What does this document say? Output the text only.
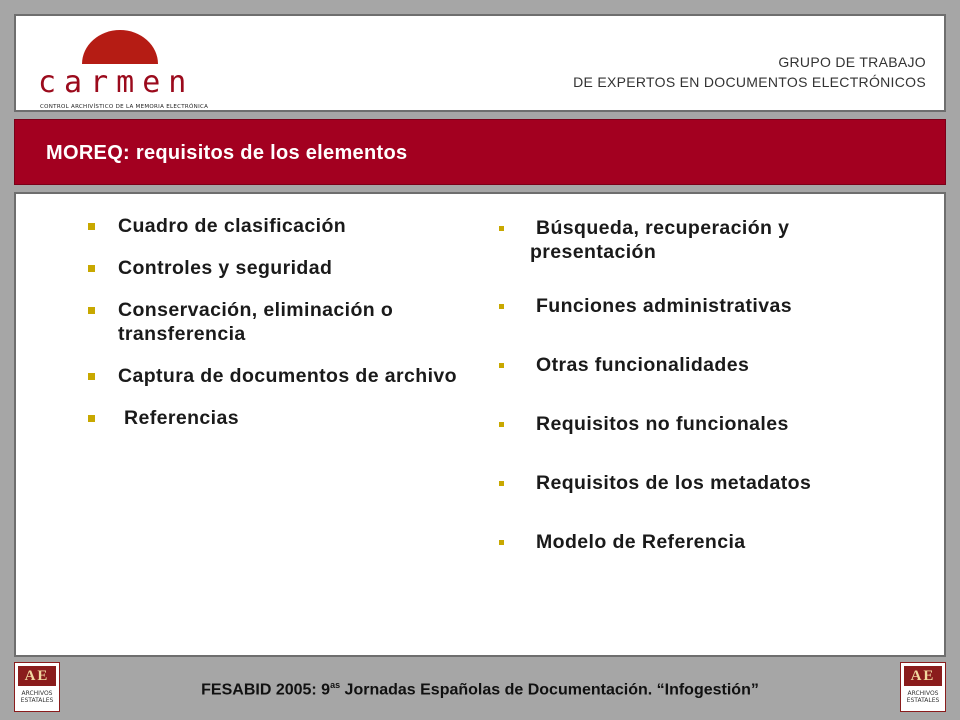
carmen
CONTROL ARCHIVÍSTICO DE LA MEMORIA ELECTRÓNICA
GRUPO DE TRABAJO
DE EXPERTOS EN DOCUMENTOS ELECTRÓNICOS
MOREQ: requisitos de los elementos
Cuadro de clasificación
Controles y seguridad
Conservación, eliminación o transferencia
Captura de documentos de archivo
Referencias
Búsqueda, recuperación y
presentación
Funciones administrativas
Otras funcionalidades
Requisitos no funcionales
Requisitos de los metadatos
Modelo de Referencia
AE
ARCHIVOS ESTATALES
AE
ARCHIVOS ESTATALES
FESABID 2005: $9^{as}$ Jornadas Españolas de Documentación. “Infogestión”
